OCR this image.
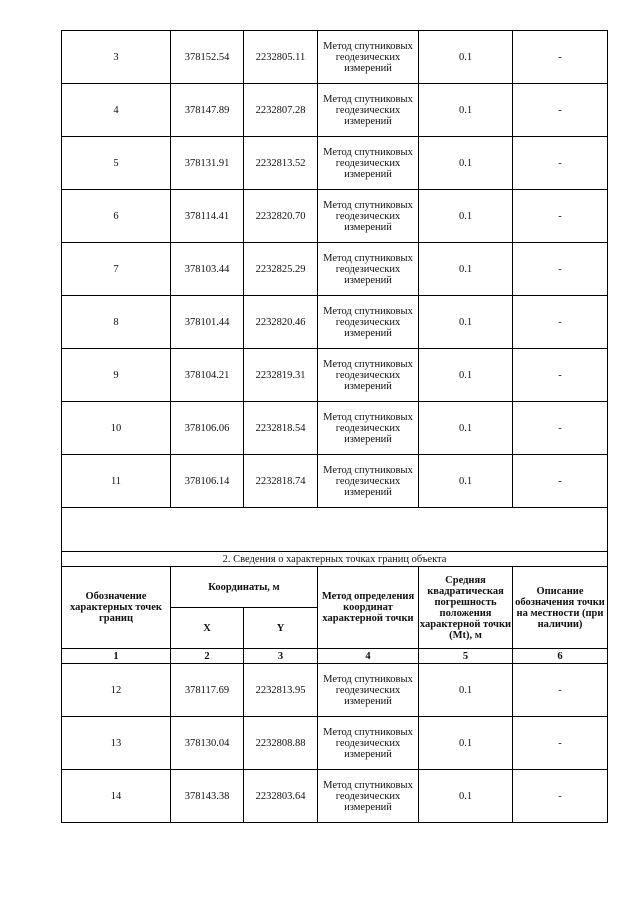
3	378152.54	2232805.11	Метод спутниковых геодезических измерений	0.1	-
4	378147.89	2232807.28	Метод спутниковых геодезических измерений	0.1	-
5	378131.91	2232813.52	Метод спутниковых геодезических измерений	0.1	-
6	378114.41	2232820.70	Метод спутниковых геодезических измерений	0.1	-
7	378103.44	2232825.29	Метод спутниковых геодезических измерений	0.1	-
8	378101.44	2232820.46	Метод спутниковых геодезических измерений	0.1	-
9	378104.21	2232819.31	Метод спутниковых геодезических измерений	0.1	-
10	378106.06	2232818.54	Метод спутниковых геодезических измерений	0.1	-
11	378106.14	2232818.74	Метод спутниковых геодезических измерений	0.1	-

2. Сведения о характерных точках границ объекта					
Обозначение характерных точек границ	Координаты, м		Метод определения координат характерной точки	Средняя квадратическая погрешность положения характерной точки (Mt), м	Описание обозначения точки на местности (при наличии)
	X	Y			
1	2	3	4	5	6
12	378117.69	2232813.95	Метод спутниковых геодезических измерений	0.1	-
13	378130.04	2232808.88	Метод спутниковых геодезических измерений	0.1	-
14	378143.38	2232803.64	Метод спутниковых геодезических измерений	0.1	-
